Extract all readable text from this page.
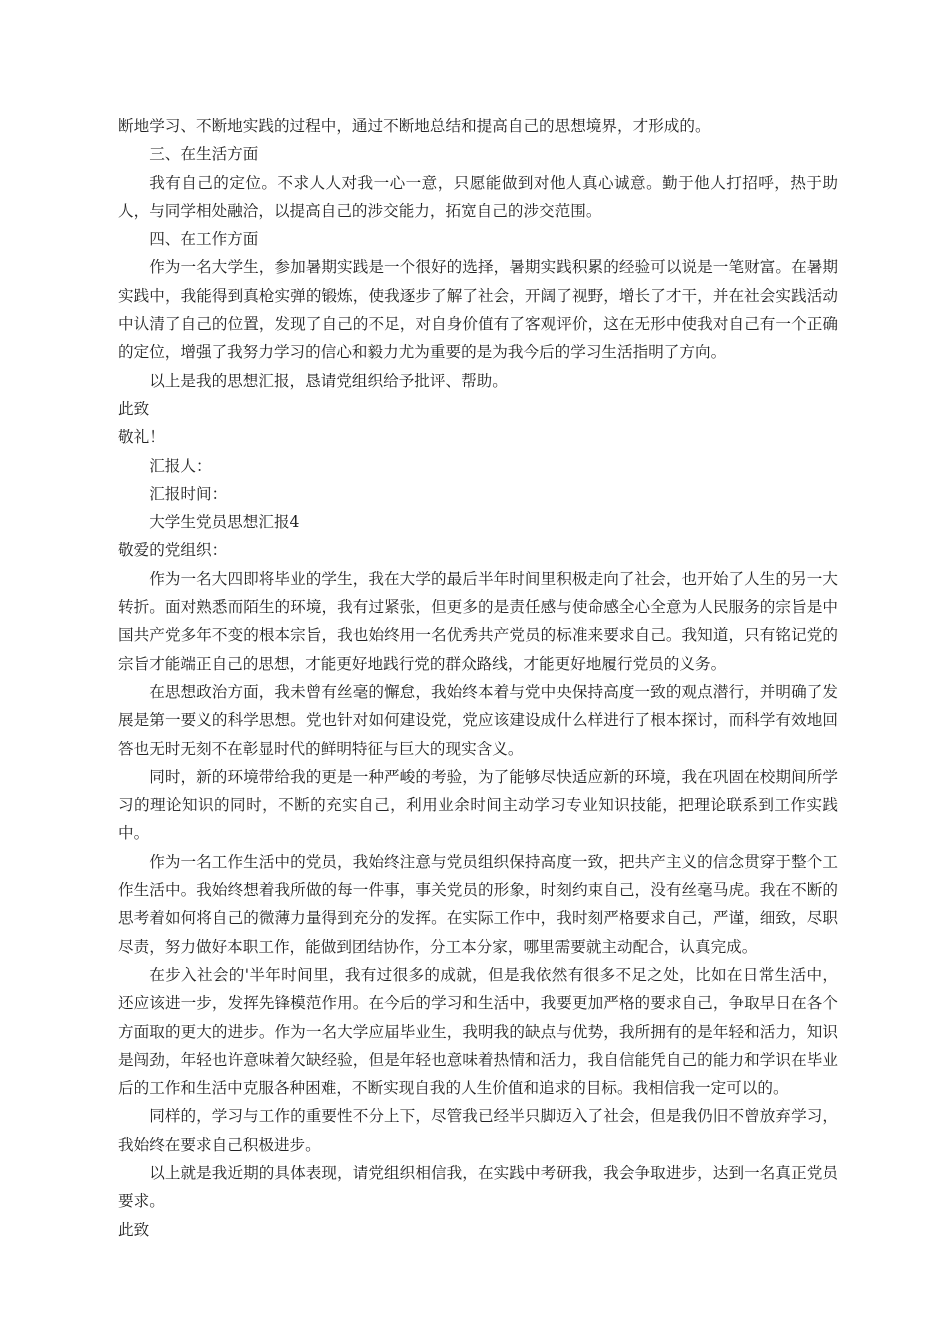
断地学习、不断地实践的过程中，通过不断地总结和提高自己的思想境界，才形成的。

三、在生活方面

我有自己的定位。不求人人对我一心一意，只愿能做到对他人真心诚意。勤于他人打招呼，热于助人，与同学相处融洽，以提高自己的涉交能力，拓宽自己的涉交范围。

四、在工作方面

作为一名大学生，参加暑期实践是一个很好的选择，暑期实践积累的经验可以说是一笔财富。在暑期实践中，我能得到真枪实弹的锻炼，使我逐步了解了社会，开阔了视野，增长了才干，并在社会实践活动中认清了自己的位置，发现了自己的不足，对自身价值有了客观评价，这在无形中使我对自己有一个正确的定位，增强了我努力学习的信心和毅力尤为重要的是为我今后的学习生活指明了方向。

以上是我的思想汇报，恳请党组织给予批评、帮助。

此致

敬礼！

汇报人：

汇报时间：

大学生党员思想汇报4

敬爱的党组织：

作为一名大四即将毕业的学生，我在大学的最后半年时间里积极走向了社会，也开始了人生的另一大转折。面对熟悉而陌生的环境，我有过紧张，但更多的是责任感与使命感全心全意为人民服务的宗旨是中国共产党多年不变的根本宗旨，我也始终用一名优秀共产党员的标准来要求自己。我知道，只有铭记党的宗旨才能端正自己的思想，才能更好地践行党的群众路线，才能更好地履行党员的义务。

在思想政治方面，我未曾有丝毫的懈怠，我始终本着与党中央保持高度一致的观点潜行，并明确了发展是第一要义的科学思想。党也针对如何建设党，党应该建设成什么样进行了根本探讨，而科学有效地回答也无时无刻不在彰显时代的鲜明特征与巨大的现实含义。

同时，新的环境带给我的更是一种严峻的考验，为了能够尽快适应新的环境，我在巩固在校期间所学习的理论知识的同时，不断的充实自己，利用业余时间主动学习专业知识技能，把理论联系到工作实践中。

作为一名工作生活中的党员，我始终注意与党员组织保持高度一致，把共产主义的信念贯穿于整个工作生活中。我始终想着我所做的每一件事，事关党员的形象，时刻约束自己，没有丝毫马虎。我在不断的思考着如何将自己的微薄力量得到充分的发挥。在实际工作中，我时刻严格要求自己，严谨，细致，尽职尽责，努力做好本职工作，能做到团结协作，分工本分家，哪里需要就主动配合，认真完成。

在步入社会的'半年时间里，我有过很多的成就，但是我依然有很多不足之处，比如在日常生活中，还应该进一步，发挥先锋模范作用。在今后的学习和生活中，我要更加严格的要求自己，争取早日在各个方面取的更大的进步。作为一名大学应届毕业生，我明我的缺点与优势，我所拥有的是年轻和活力，知识是闯劲，年轻也许意味着欠缺经验，但是年轻也意味着热情和活力，我自信能凭自己的能力和学识在毕业后的工作和生活中克服各种困难，不断实现自我的人生价值和追求的目标。我相信我一定可以的。

同样的，学习与工作的重要性不分上下，尽管我已经半只脚迈入了社会，但是我仍旧不曾放弃学习，我始终在要求自己积极进步。

以上就是我近期的具体表现，请党组织相信我，在实践中考研我，我会争取进步，达到一名真正党员要求。

此致
